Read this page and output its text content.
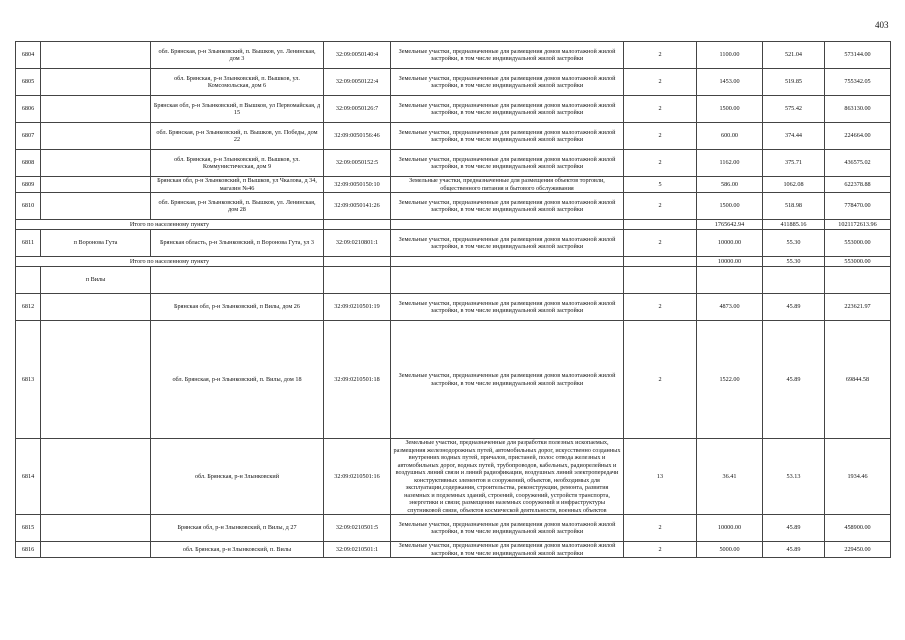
403
6804		обл. Брянская, р-н Злынковский, п. Вышков, ул. Ленинская, дом 3	32:09:0050140:4	Земельные участки, предназначенные для размещения домов малоэтажной жилой застройки, в том числе индивидуальной жилой застройки	2	1100.00	521.04	573144.00
6805		обл. Брянская, р-н Злынковский, п. Вышков, ул. Комсомольская, дом 6	32:09:0050122:4	Земельные участки, предназначенные для размещения домов малоэтажной жилой застройки, в том числе индивидуальной жилой застройки	2	1453.00	519.85	755342.05
6806		Брянская обл, р-н Злынковский, п Вышков, ул Первомайская, д 15	32:09:0050126:7	Земельные участки, предназначенные для размещения домов малоэтажной жилой застройки, в том числе индивидуальной жилой застройки	2	1500.00	575.42	863130.00
6807		обл. Брянская, р-н Злынковский, п. Вышков, ул. Победы, дом 22	32:09:0050156:46	Земельные участки, предназначенные для размещения домов малоэтажной жилой застройки, в том числе индивидуальной жилой застройки	2	600.00	374.44	224664.00
6808		обл. Брянская, р-н Злынковский, п. Вышков, ул. Коммунистическая, дом 9	32:09:0050152:5	Земельные участки, предназначенные для размещения домов малоэтажной жилой застройки, в том числе индивидуальной жилой застройки	2	1162.00	375.71	436575.02
6809		Брянская обл, р-н Злынковский, п Вышков, ул Чкалова, д 34, магазин №46	32:09:0050150:10	Земельные участки, предназначенные для размещения объектов торговли, общественного питания и бытового обслуживания	5	586.00	1062.08	622378.88
6810		обл. Брянская, р-н Злынковский, п. Вышков, ул. Ленинская, дом 28	32:09:0050141:26	Земельные участки, предназначенные для размещения домов малоэтажной жилой застройки, в том числе индивидуальной жилой застройки	2	1500.00	518.98	778470.00
Итого по населенному пункту						1765642.94	411885.16	1021172613.96
6811	п Воронова Гута	Брянская область, р-н Злынковский, п Воронова Гута, ул 3	32:09:0210801:1	Земельные участки, предназначенные для размещения домов малоэтажной жилой застройки, в том числе индивидуальной жилой застройки	2	10000.00	55.30	553000.00
Итого по населенному пункту						10000.00	55.30	553000.00
	п Вилы							
6812		Брянская обл, р-н Злынковский, п Вилы, дом 26	32:09:0210501:19	Земельные участки, предназначенные для размещения домов малоэтажной жилой застройки, в том числе индивидуальной жилой застройки	2	4873.00	45.89	223621.97
6813		обл. Брянская, р-н Злынковский, п. Вилы, дом 18	32:09:0210501:18	Земельные участки, предназначенные для размещения домов малоэтажной жилой застройки, в том числе индивидуальной жилой застройки	2	1522.00	45.89	69844.58
6814		обл. Брянская, р-н Злынковский	32:09:0210501:16	Земельные участки, предназначенные для разработки полезных ископаемых, размещения железнодорожных путей, автомобильных дорог, искусственно созданных внутренних водных путей, причалов, пристаней, полос отвода железных и автомобильных дорог, водных путей, трубопроводов, кабельных, радиорелейных и воздушных линий связи и линий радиофикации, воздушных линий электропередачи конструктивных элементов и сооружений, объектов, необходимых для эксплуатации,содержания, строительства, реконструкции, ремонта, развития наземных и подземных зданий, строений, сооружений, устройств транспорта, энергетики и связи; размещения наземных сооружений и инфраструктуры спутниковой связи, объектов космической деятельности, военных объектов	13	36.41	53.13	1934.46
6815		Брянская обл, р-н Злынковский, п Вилы, д 27	32:09:0210501:5	Земельные участки, предназначенные для размещения домов малоэтажной жилой застройки, в том числе индивидуальной жилой застройки	2	10000.00	45.89	458900.00
6816		обл. Брянская, р-н Злынковский, п. Вилы	32:09:0210501:1	Земельные участки, предназначенные для размещения домов малоэтажной жилой застройки, в том числе индивидуальной жилой застройки	2	5000.00	45.89	229450.00
